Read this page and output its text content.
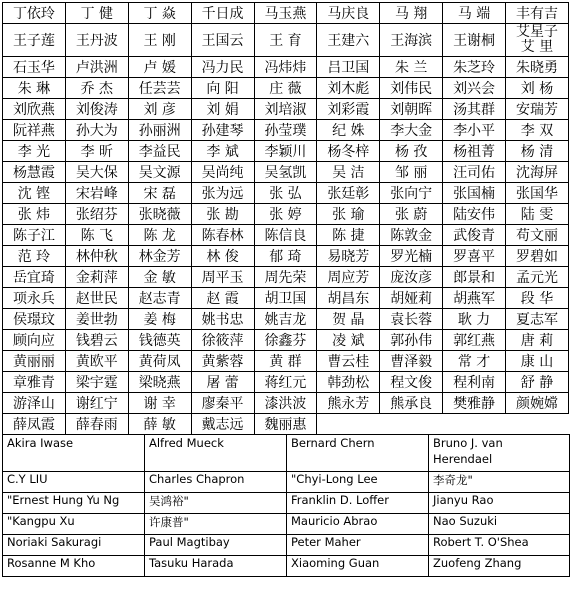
丁依玲	丁 健	丁 焱	千日成	马玉燕	马庆良	马 翔	马 端	丰有吉
王子莲	王丹波	王 刚	王国云	王 育	王建六	王海滨	王谢桐	艾星子
艾 里
石玉华	卢洪洲	卢 媛	冯力民	冯炜炜	吕卫国	朱 兰	朱芝玲	朱晓勇
朱 琳	乔 杰	任芸芸	向 阳	庄 薇	刘木彪	刘伟民	刘兴会	刘 杨
刘欣燕	刘俊涛	刘 彦	刘 娟	刘培淑	刘彩霞	刘朝晖	汤其群	安瑞芳
阮祥燕	孙大为	孙丽洲	孙建琴	孙莹璞	纪 姝	李大金	李小平	李 双
李 光	李 昕	李益民	李 斌	李颖川	杨冬梓	杨 孜	杨祖菁	杨 清
杨慧霞	吴大保	吴文源	吴尚纯	吴氢凯	吴 洁	邹 丽	汪司佑	沈海屏
沈 铿	宋岩峰	宋 磊	张为远	张 弘	张廷彰	张向宁	张国楠	张国华
张 炜	张绍芬	张晓薇	张 勘	张 婷	张 瑜	张 蔚	陆安伟	陆 雯
陈子江	陈 飞	陈 龙	陈春林	陈信良	陈 捷	陈敦金	武俊青	苟文丽
范 玲	林仲秋	林金芳	林 俊	郁 琦	易晓芳	罗光楠	罗喜平	罗碧如
岳宜琦	金莉萍	金 敏	周平玉	周先荣	周应芳	庞汝彦	郎景和	孟元光
项永兵	赵世民	赵志青	赵 霞	胡卫国	胡昌东	胡娅莉	胡燕军	段 华
侯璟玟	姜世勃	姜 梅	姚书忠	姚吉龙	贺 晶	袁长蓉	耿 力	夏志军
顾向应	钱碧云	钱德英	徐筱萍	徐鑫芬	凌 斌	郭孙伟	郭红燕	唐 莉
黄丽丽	黄欧平	黄荷凤	黄紫蓉	黄 群	曹云桂	曹泽毅	常 才	康 山
章雅青	梁宇霆	梁晓燕	屠 蕾	蒋红元	韩劲松	程文俊	程利南	舒 静
游泽山	谢红宁	谢 幸	廖秦平	漆洪波	熊永芳	熊承良	樊雅静	颜婉嫦
薛凤霞	薛春雨	薛 敏	戴志远	魏丽惠				
Akira Iwase	Alfred Mueck	Bernard Chern	Bruno J. van Herendael
C.Y LIU	Charles Chapron	"Chyi-Long Lee	李奇龙"
"Ernest Hung Yu Ng	吴鸿裕"	Franklin D. Loffer	Jianyu Rao
"Kangpu Xu	许康普"	Mauricio Abrao	Nao Suzuki
Noriaki Sakuragi	Paul Magtibay	Peter Maher	Robert T. O'Shea
Rosanne M Kho	Tasuku Harada	Xiaoming Guan	Zuofeng Zhang
